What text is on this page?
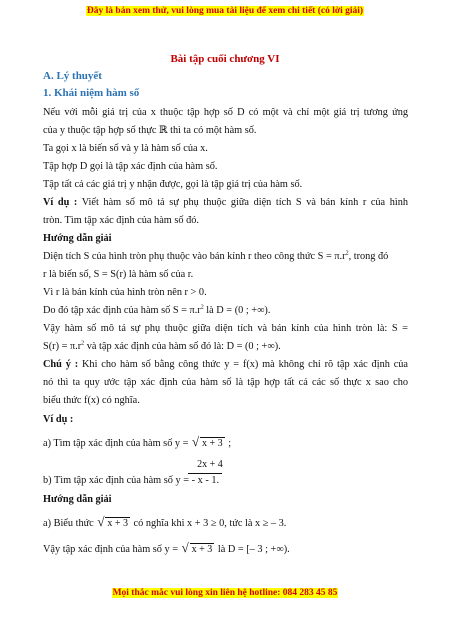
Đây là bản xem thử, vui lòng mua tài liệu để xem chi tiết (có lời giải)
Bài tập cuối chương VI
A. Lý thuyết
1. Khái niệm hàm số
Nếu với mỗi giá trị của x thuộc tập hợp số D có một và chỉ một giá trị tương ứng
của y thuộc tập hợp số thực ℝ thì ta có một hàm số.
Ta gọi x là biến số và y là hàm số của x.
Tập hợp D gọi là tập xác định của hàm số.
Tập tất cả các giá trị y nhận được, gọi là tập giá trị của hàm số.
Ví dụ : Viết hàm số mô tả sự phụ thuộc giữa diện tích S và bán kính r của hình
tròn. Tìm tập xác định của hàm số đó.
Hướng dẫn giải
Diện tích S của hình tròn phụ thuộc vào bán kính r theo công thức $S = \pi.r^2$, trong đó
r là biến số, S = S(r) là hàm số của r.
Vì r là bán kính của hình tròn nên r > 0.
Do đó tập xác định của hàm số $S = \pi.r^2$ là D = (0 ; +∞).
Vậy hàm số mô tả sự phụ thuộc giữa diện tích và bán kính của hình tròn là: S =
$S(r) = \pi.r^2$ và tập xác định của hàm số đó là: D = (0 ; +∞).
Chú ý : Khi cho hàm số bằng công thức y = f(x) mà không chỉ rõ tập xác định của
nó thì ta quy ước tập xác định của hàm số là tập hợp tất cả các số thực x sao cho
biểu thức f(x) có nghĩa.
Ví dụ :
a) Tìm tập xác định của hàm số y = √ x + 3 ;
2x + 4
b) Tìm tập xác định của hàm số y = - x - 1.
Hướng dẫn giải
a) Biểu thức √ x + 3 có nghĩa khi x + 3 ≥ 0, tức là x ≥ – 3.
Vậy tập xác định của hàm số y = √ x + 3 là D = [– 3 ; +∞).
Mọi thắc mắc vui lòng xin liên hệ hotline: 084 283 45 85
